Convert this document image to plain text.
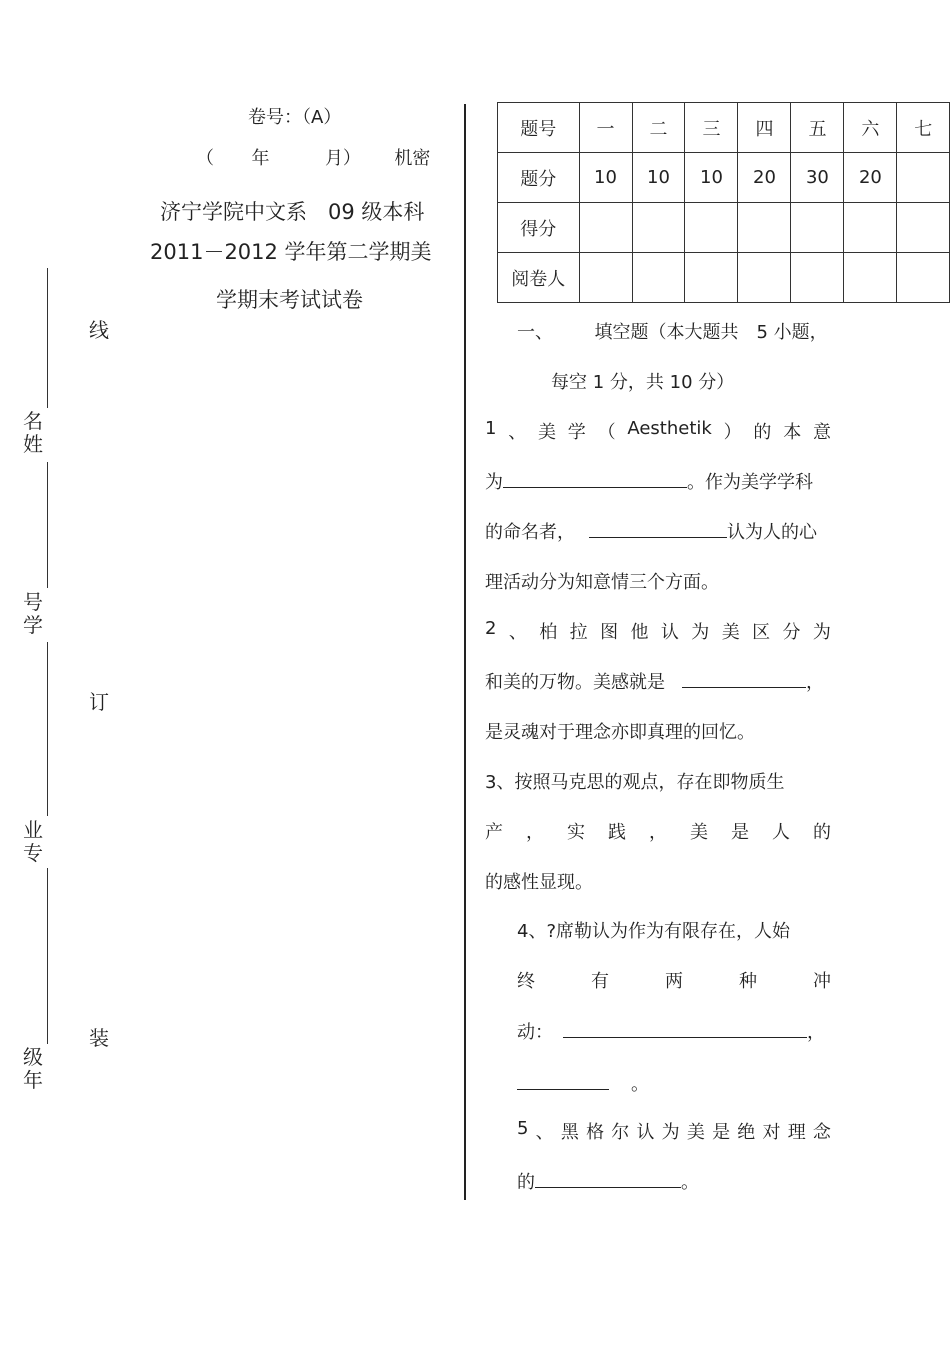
卷号：（A）
（ 年	月） 机密
济宁学院中文系　09 级本科
2011－2012 学年第二学期美
学期末考试试卷
线
订
装
名姓
号学
业专
级年
题号	一	二	三	四	五	六	七
题分	10	10	10	20	30	20	
得分							
阅卷人							
一、 填空题（本大题共　5 小题，
每空 1 分，共 10 分）
1 、 美 学 （ Aesthetik ） 的 本 意
为	。作为美学学科
的命名者，	认为人的心
理活动分为知意情三个方面。
2 、 柏 拉 图 他 认 为 美 区 分 为
和美的万物。美感就是	，
是灵魂对于理念亦即真理的回忆。
3、按照马克思的观点，存在即物质生
产 ， 实 践 ， 美 是 人 的
的感性显现。
4、?席勒认为作为有限存在，人始
终	有	两	种	冲
动：	，
。
5 、 黑 格 尔 认 为 美 是 绝 对 理 念
的	。
